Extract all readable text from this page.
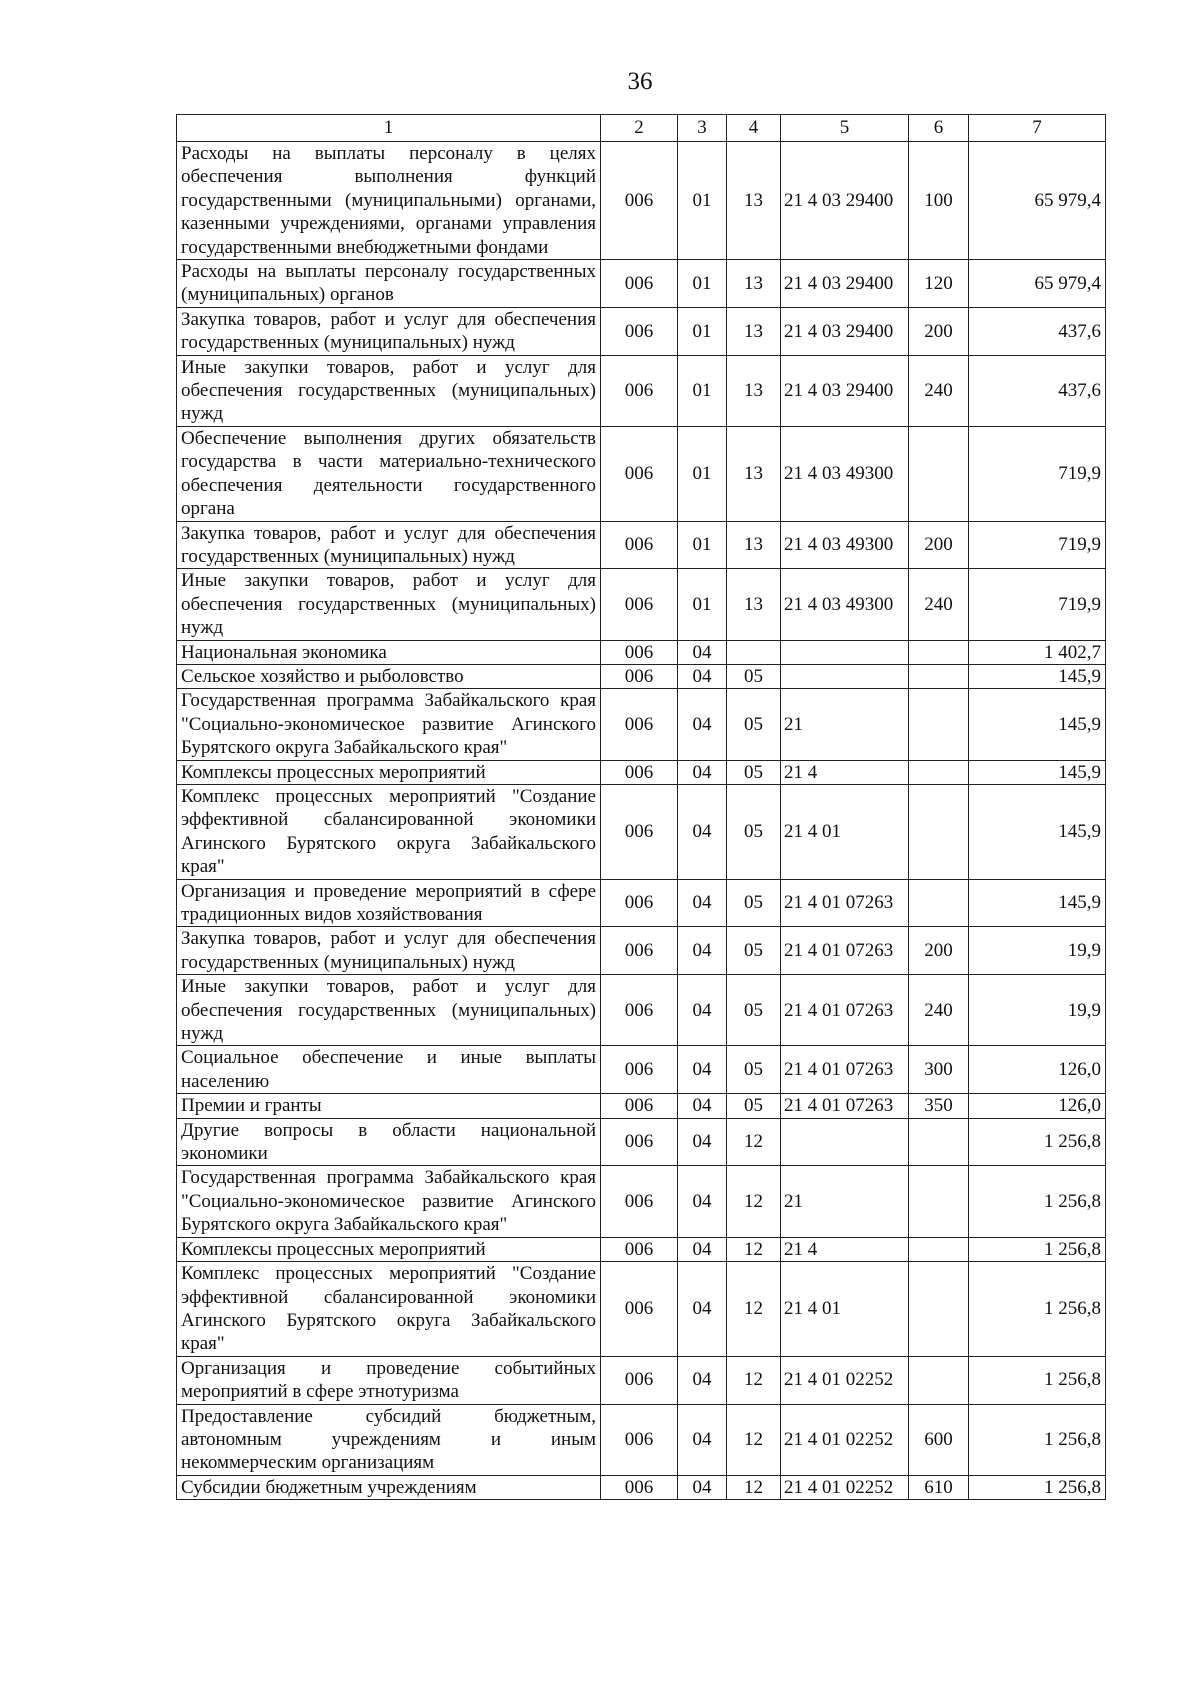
36
1	2	3	4	5	6	7
Расходы на выплаты персоналу в целях обеспечения выполнения функций государственными (муниципальными) органами, казенными учреждениями, органами управления государственными внебюджетными фондами	006	01	13	21 4 03 29400	100	65 979,4
Расходы на выплаты персоналу государственных (муниципальных) органов	006	01	13	21 4 03 29400	120	65 979,4
Закупка товаров, работ и услуг для обеспечения государственных (муниципальных) нужд	006	01	13	21 4 03 29400	200	437,6
Иные закупки товаров, работ и услуг для обеспечения государственных (муниципальных) нужд	006	01	13	21 4 03 29400	240	437,6
Обеспечение выполнения других обязательств государства в части материально-технического обеспечения деятельности государственного органа	006	01	13	21 4 03 49300		719,9
Закупка товаров, работ и услуг для обеспечения государственных (муниципальных) нужд	006	01	13	21 4 03 49300	200	719,9
Иные закупки товаров, работ и услуг для обеспечения государственных (муниципальных) нужд	006	01	13	21 4 03 49300	240	719,9
Национальная экономика	006	04				1 402,7
Сельское хозяйство и рыболовство	006	04	05			145,9
Государственная программа Забайкальского края "Социально-экономическое развитие Агинского Бурятского округа Забайкальского края"	006	04	05	21		145,9
Комплексы процессных мероприятий	006	04	05	21 4		145,9
Комплекс процессных мероприятий "Создание эффективной сбалансированной экономики Агинского Бурятского округа Забайкальского края"	006	04	05	21 4 01		145,9
Организация и проведение мероприятий в сфере традиционных видов хозяйствования	006	04	05	21 4 01 07263		145,9
Закупка товаров, работ и услуг для обеспечения государственных (муниципальных) нужд	006	04	05	21 4 01 07263	200	19,9
Иные закупки товаров, работ и услуг для обеспечения государственных (муниципальных) нужд	006	04	05	21 4 01 07263	240	19,9
Социальное обеспечение и иные выплаты населению	006	04	05	21 4 01 07263	300	126,0
Премии и гранты	006	04	05	21 4 01 07263	350	126,0
Другие вопросы в области национальной экономики	006	04	12			1 256,8
Государственная программа Забайкальского края "Социально-экономическое развитие Агинского Бурятского округа Забайкальского края"	006	04	12	21		1 256,8
Комплексы процессных мероприятий	006	04	12	21 4		1 256,8
Комплекс процессных мероприятий "Создание эффективной сбалансированной экономики Агинского Бурятского округа Забайкальского края"	006	04	12	21 4 01		1 256,8
Организация и проведение событийных мероприятий в сфере этнотуризма	006	04	12	21 4 01 02252		1 256,8
Предоставление субсидий бюджетным, автономным учреждениям и иным некоммерческим организациям	006	04	12	21 4 01 02252	600	1 256,8
Субсидии бюджетным учреждениям	006	04	12	21 4 01 02252	610	1 256,8
